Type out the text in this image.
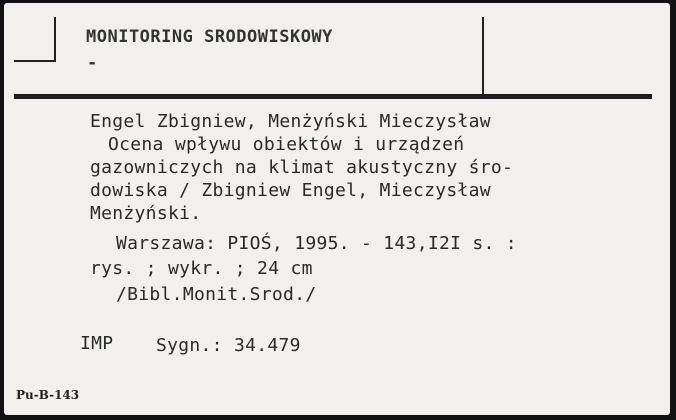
MONITORING SRODOWISKOWY
-
Engel Zbigniew, Menżyński Mieczysław
Ocena wpływu obiektów i urządzeń
gazowniczych na klimat akustyczny śro-
dowiska / Zbigniew Engel, Mieczysław
Menżyński.
Warszawa: PIOŚ, 1995. - 143,I2I s. :
rys. ; wykr. ; 24 cm
/Bibl.Monit.Srod./
IMP Sygn.: 34.479
Pu-B-143
